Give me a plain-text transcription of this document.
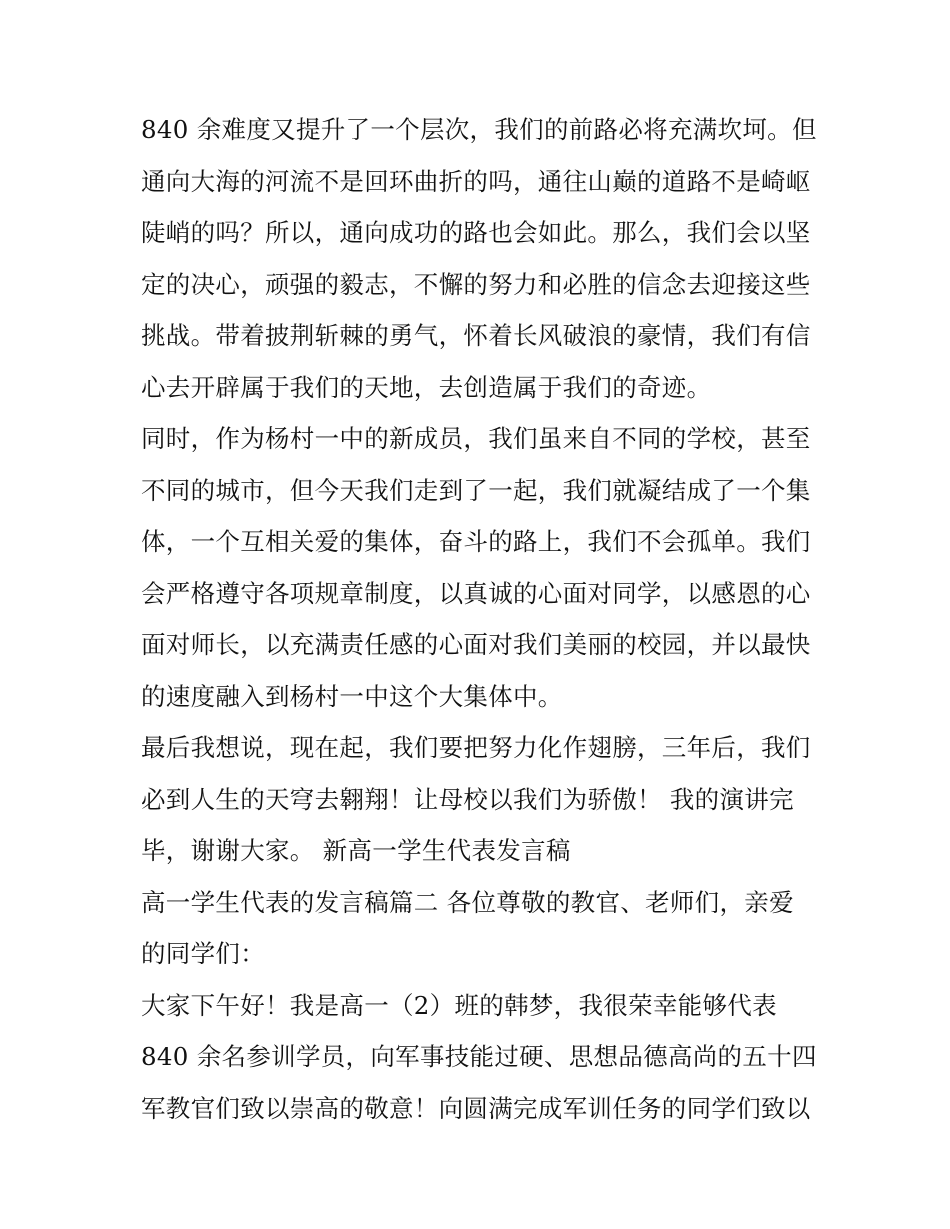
840 余难度又提升了一个层次，我们的前路必将充满坎坷。但
通向大海的河流不是回环曲折的吗，通往山巅的道路不是崎岖
陡峭的吗？所以，通向成功的路也会如此。那么，我们会以坚
定的决心，顽强的毅志，不懈的努力和必胜的信念去迎接这些
挑战。带着披荆斩棘的勇气，怀着长风破浪的豪情，我们有信
心去开辟属于我们的天地，去创造属于我们的奇迹。
同时，作为杨村一中的新成员，我们虽来自不同的学校，甚至
不同的城市，但今天我们走到了一起，我们就凝结成了一个集
体，一个互相关爱的集体，奋斗的路上，我们不会孤单。我们
会严格遵守各项规章制度，以真诚的心面对同学，以感恩的心
面对师长，以充满责任感的心面对我们美丽的校园，并以最快
的速度融入到杨村一中这个大集体中。
最后我想说，现在起，我们要把努力化作翅膀，三年后，我们
必到人生的天穹去翱翔！让母校以我们为骄傲！ 我的演讲完
毕，谢谢大家。 新高一学生代表发言稿
高一学生代表的发言稿篇二 各位尊敬的教官、老师们，亲爱
的同学们：
大家下午好！我是高一（2）班的韩梦，我很荣幸能够代表
840 余名参训学员，向军事技能过硬、思想品德高尚的五十四
军教官们致以崇高的敬意！向圆满完成军训任务的同学们致以
